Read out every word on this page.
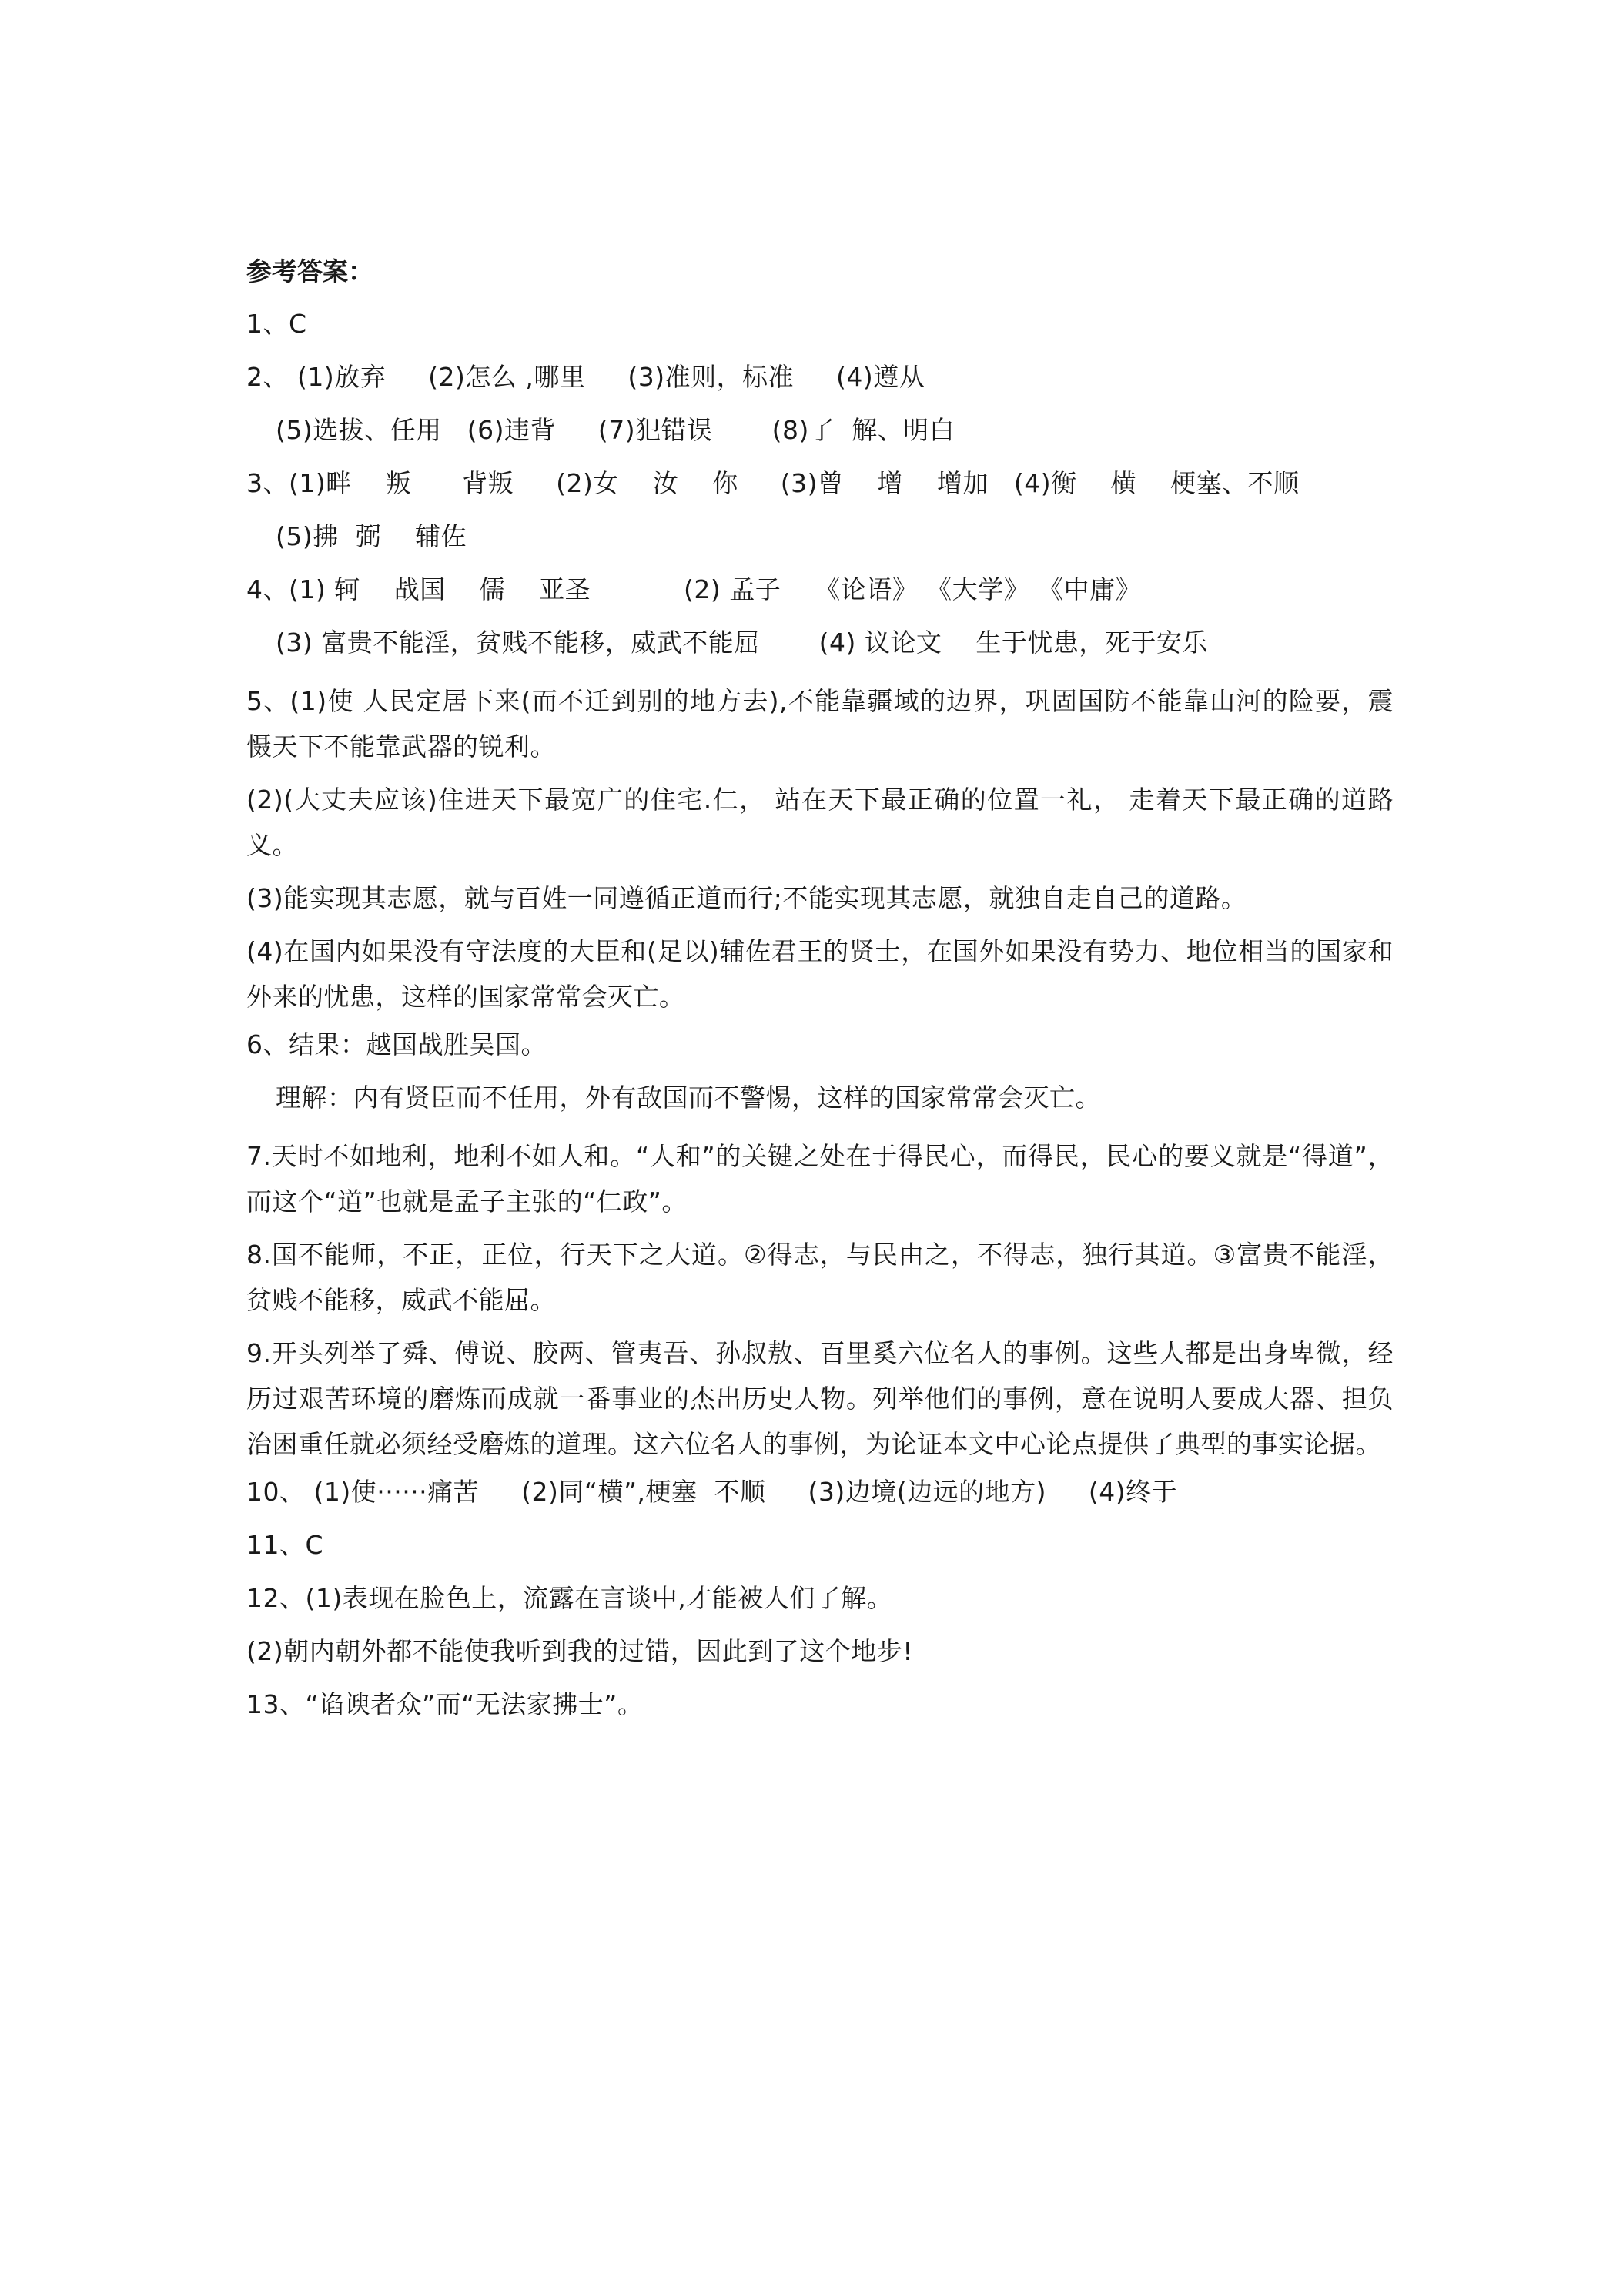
参考答案：
1、C
2、 (1)放弃     (2)怎么 ,哪里     (3)准则，标准     (4)遵从
(5)选拔、任用   (6)违背     (7)犯错误       (8)了  解、明白
3、(1)畔    叛      背叛     (2)女    汝    你     (3)曾    增    增加   (4)衡    横    梗塞、不顺
(5)拂  弼    辅佐
4、(1) 轲    战国    儒    亚圣           (2) 孟子    《论语》 《大学》 《中庸》
(3) 富贵不能淫，贫贱不能移，威武不能屈       (4) 议论文    生于忧患，死于安乐
5、(1)使 人民定居下来(而不迁到别的地方去),不能靠疆域的边界，巩固国防不能靠山河的险要，震慑天下不能靠武器的锐利。
(2)(大丈夫应该)住进天下最宽广的住宅.仁， 站在天下最正确的位置一礼， 走着天下最正确的道路义。
(3)能实现其志愿，就与百姓一同遵循正道而行;不能实现其志愿，就独自走自己的道路。
(4)在国内如果没有守法度的大臣和(足以)辅佐君王的贤士，在国外如果没有势力、地位相当的国家和外来的忧患，这样的国家常常会灭亡。
6、结果：越国战胜吴国。
理解：内有贤臣而不任用，外有敌国而不警惕，这样的国家常常会灭亡。
7.天时不如地利，地利不如人和。“人和”的关键之处在于得民心，而得民，民心的要义就是“得道”，而这个“道”也就是孟子主张的“仁政”。
8.国不能师，不正，正位，行天下之大道。②得志，与民由之，不得志，独行其道。③富贵不能淫，贫贱不能移，威武不能屈。
9.开头列举了舜、傅说、胶两、管夷吾、孙叔敖、百里奚六位名人的事例。这些人都是出身卑微，经历过艰苦环境的磨炼而成就一番事业的杰出历史人物。列举他们的事例，意在说明人要成大器、担负治困重任就必须经受磨炼的道理。这六位名人的事例，为论证本文中心论点提供了典型的事实论据。
10、 (1)使······痛苦     (2)同“横”,梗塞  不顺     (3)边境(边远的地方)     (4)终于
11、C
12、(1)表现在脸色上，流露在言谈中,才能被人们了解。
(2)朝内朝外都不能使我听到我的过错，因此到了这个地步!
13、“谄谀者众”而“无法家拂士”。
